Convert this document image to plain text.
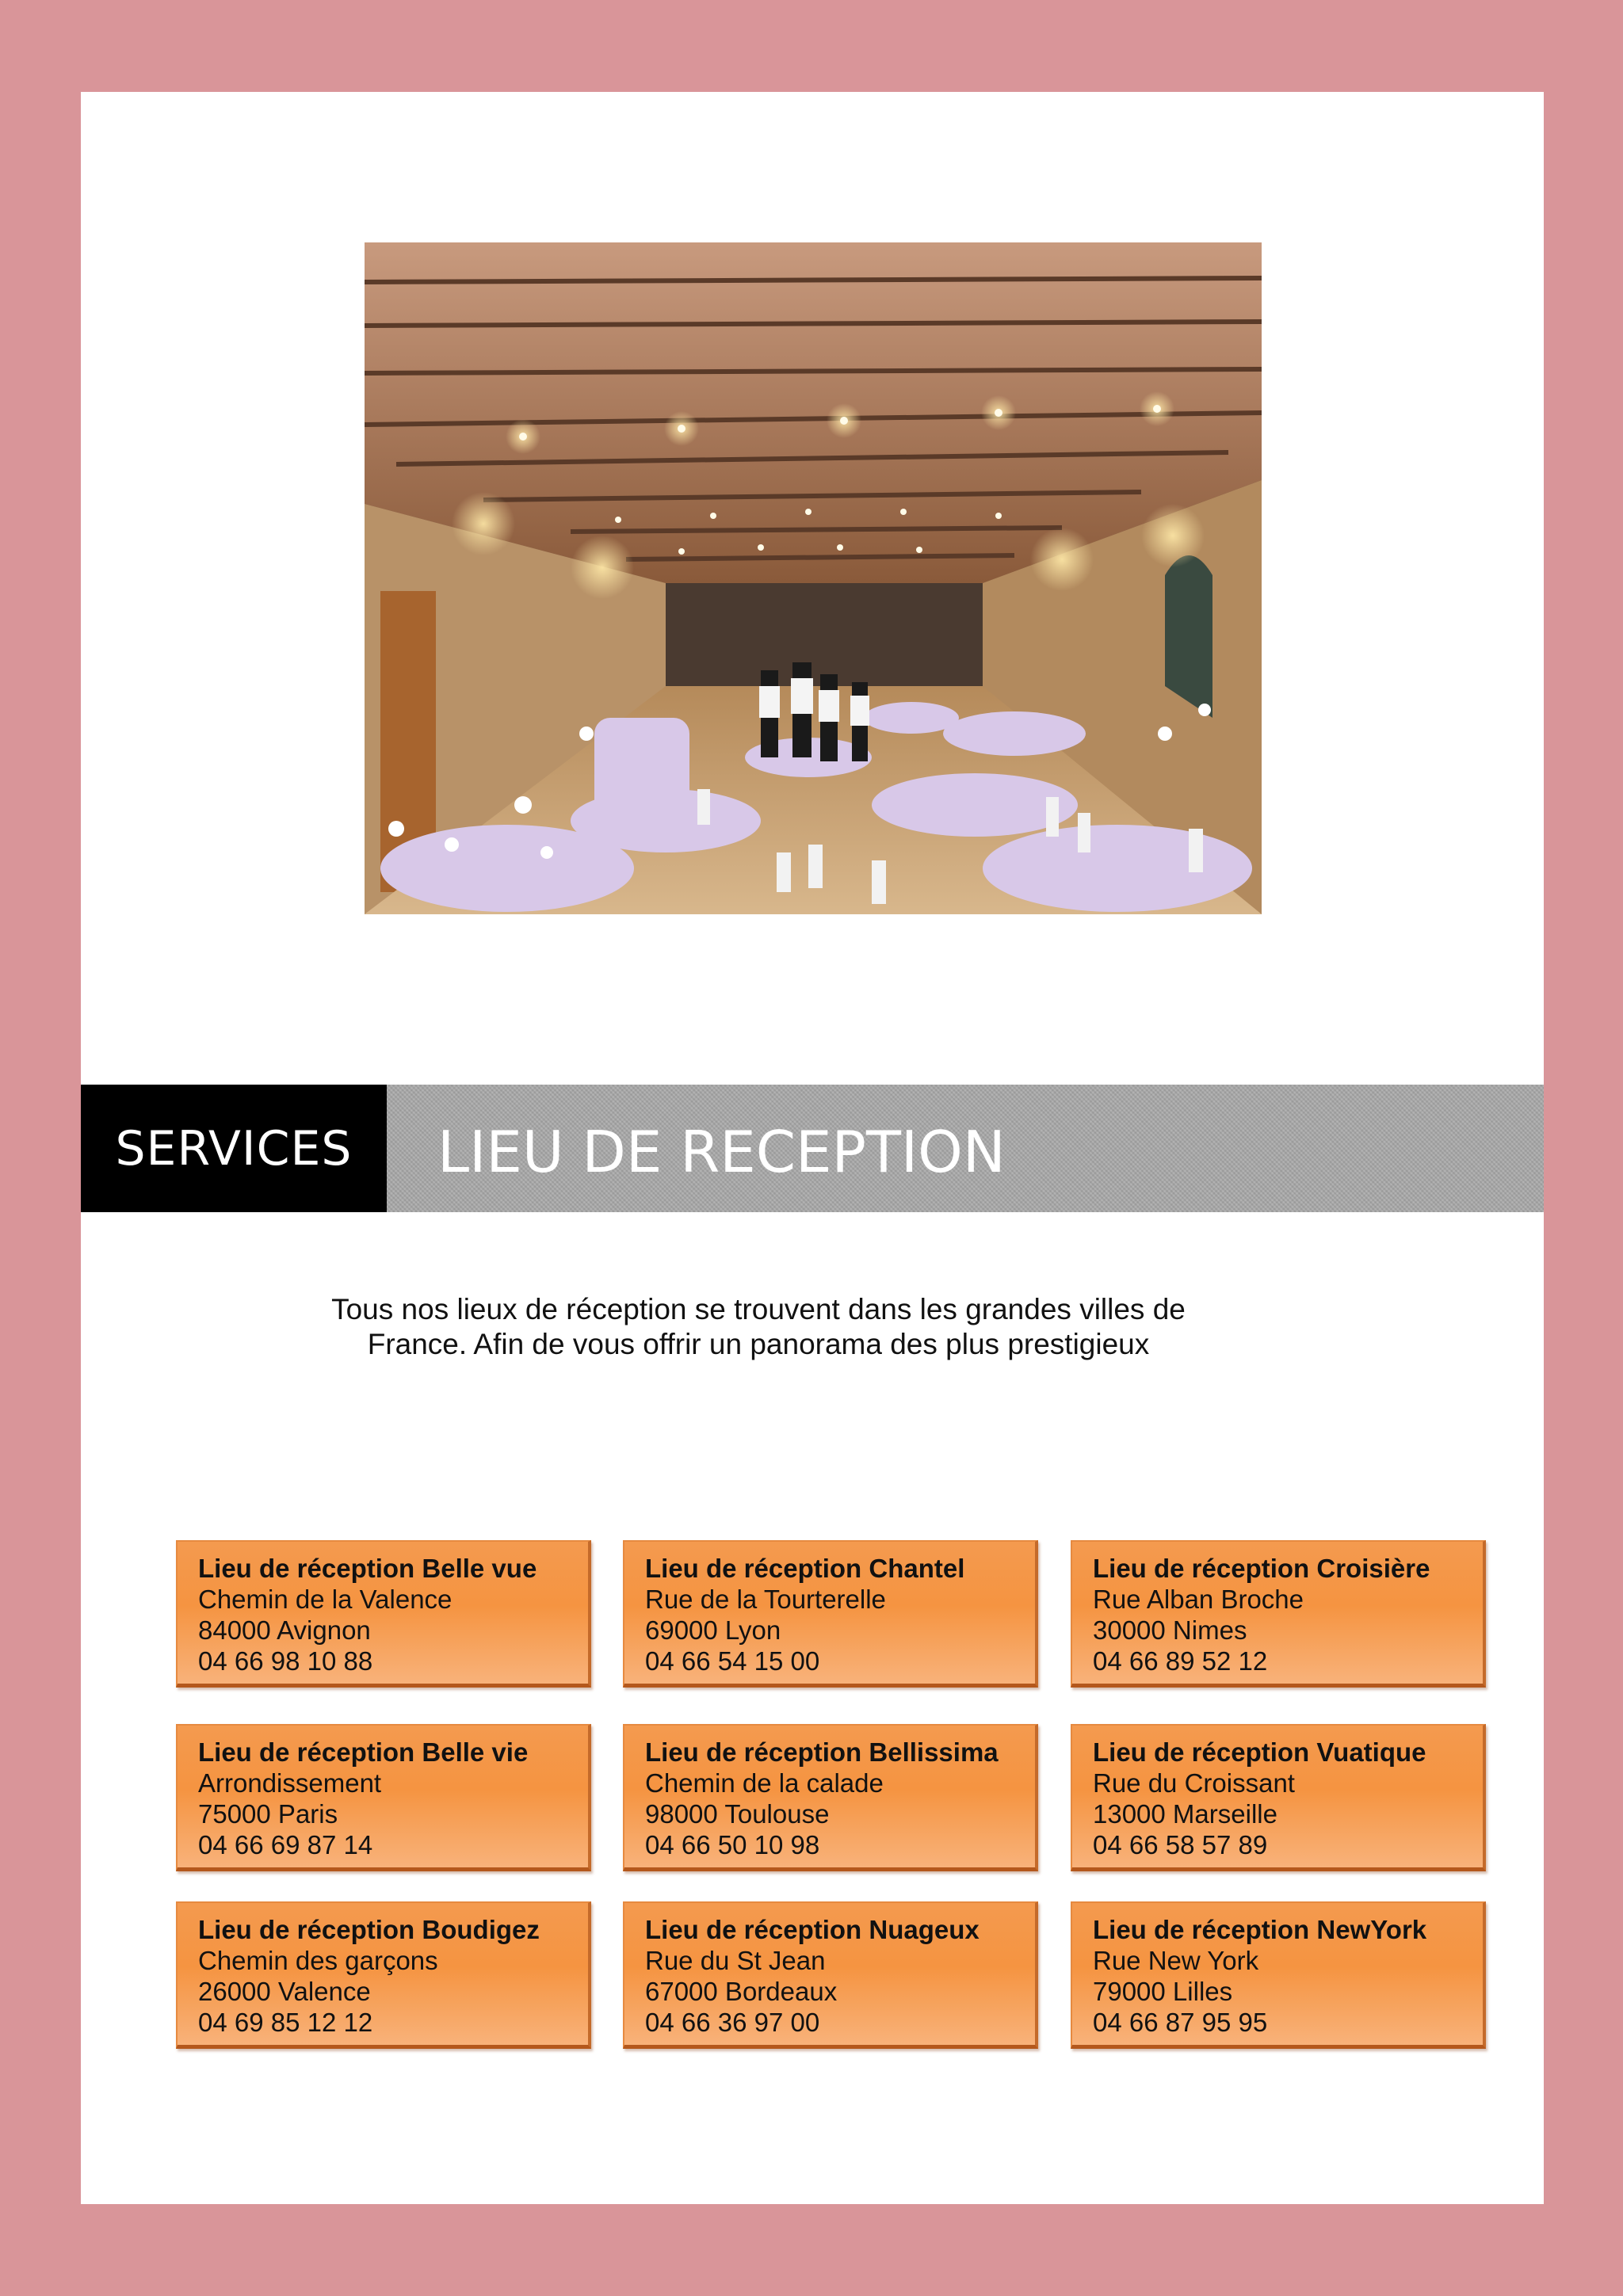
SERVICES LIEU DE RECEPTION
Tous nos lieux de réception se trouvent dans les grandes villes de
France. Afin de vous offrir un panorama des plus prestigieux
Lieu de réception Belle vue
Chemin de la Valence
84000 Avignon
04 66 98 10 88
Lieu de réception Chantel
Rue de la Tourterelle
69000 Lyon
04 66 54 15 00
Lieu de réception Croisière
Rue Alban Broche
30000 Nimes
04 66 89 52 12
Lieu de réception Belle vie
Arrondissement
75000 Paris
04 66 69 87 14
Lieu de réception Bellissima
Chemin de la calade
98000 Toulouse
04 66 50 10 98
Lieu de réception Vuatique
Rue du Croissant
13000 Marseille
04 66 58 57 89
Lieu de réception Boudigez
Chemin des garçons
26000 Valence
04 69 85 12 12
Lieu de réception Nuageux
Rue du St Jean
67000 Bordeaux
04 66 36 97 00
Lieu de réception NewYork
Rue New York
79000 Lilles
04 66 87 95 95
